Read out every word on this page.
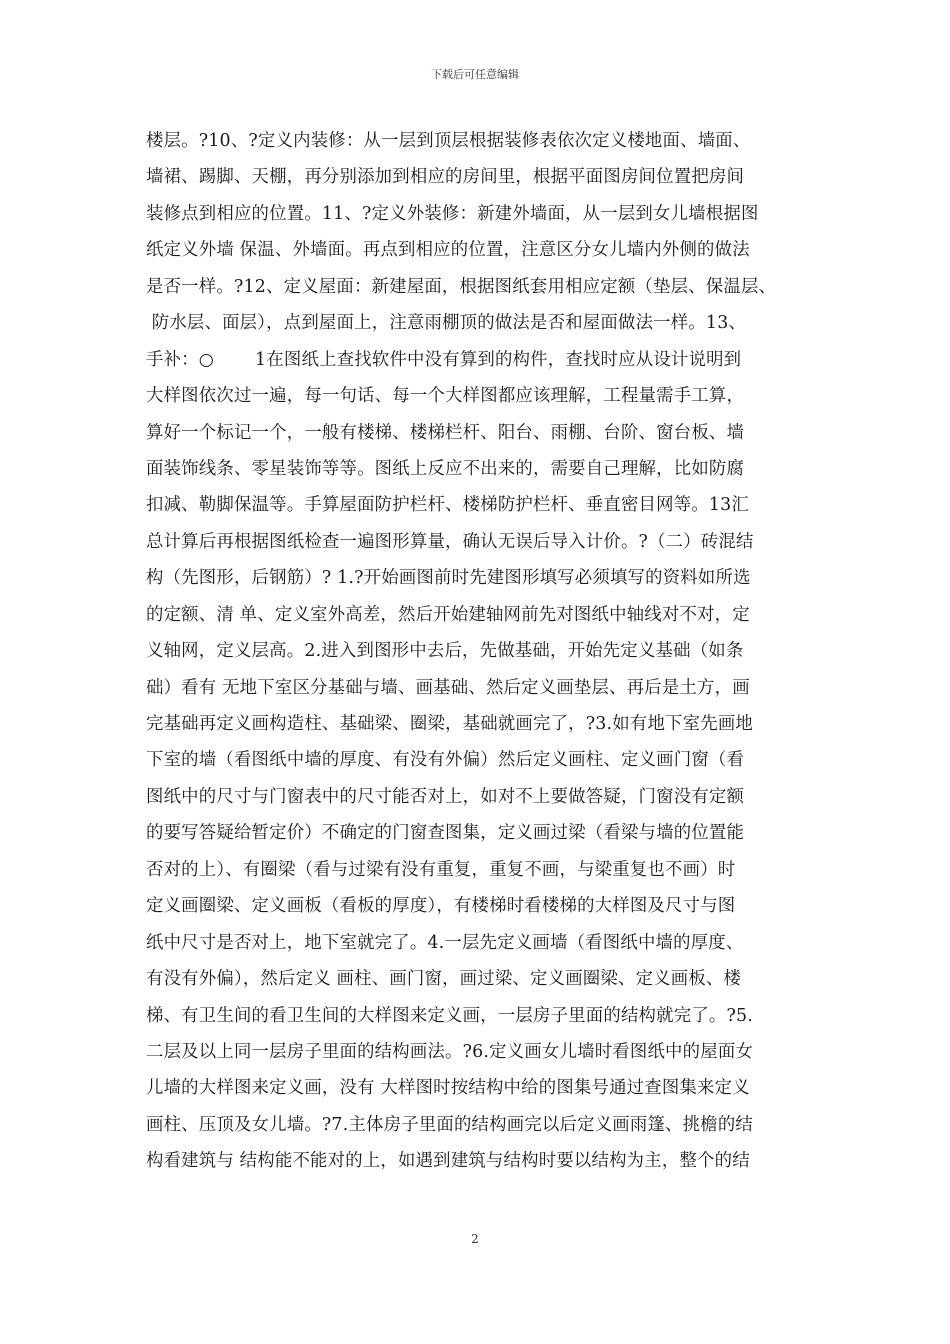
下载后可任意编辑
楼层。?10、?定义内装修：从一层到顶层根据装修表依次定义楼地面、墙面、
墙裙、踢脚、天棚，再分别添加到相应的房间里，根据平面图房间位置把房间
装修点到相应的位置。11、?定义外装修：新建外墙面，从一层到女儿墙根据图
纸定义外墙 保温、外墙面。再点到相应的位置，注意区分女儿墙内外侧的做法
是否一样。?12、定义屋面：新建屋面，根据图纸套用相应定额（垫层、保温层、
防水层、面层），点到屋面上，注意雨棚顶的做法是否和屋面做法一样。13、
手补：○　　 1在图纸上查找软件中没有算到的构件，查找时应从设计说明到
大样图依次过一遍，每一句话、每一个大样图都应该理解，工程量需手工算，
算好一个标记一个，一般有楼梯、楼梯栏杆、阳台、雨棚、台阶、窗台板、墙
面装饰线条、零星装饰等等。图纸上反应不出来的，需要自己理解，比如防腐
扣减、勒脚保温等。手算屋面防护栏杆、楼梯防护栏杆、垂直密目网等。13汇
总计算后再根据图纸检查一遍图形算量，确认无误后导入计价。?（二）砖混结
构（先图形，后钢筋）? 1.?开始画图前时先建图形填写必须填写的资料如所选
的定额、清 单、定义室外高差，然后开始建轴网前先对图纸中轴线对不对，定
义轴网，定义层高。2.进入到图形中去后，先做基础，开始先定义基础（如条
础）看有 无地下室区分基础与墙、画基础、然后定义画垫层、再后是土方，画
完基础再定义画构造柱、基础梁、圈梁，基础就画完了，?3.如有地下室先画地
下室的墙（看图纸中墙的厚度、有没有外偏）然后定义画柱、定义画门窗（看
图纸中的尺寸与门窗表中的尺寸能否对上，如对不上要做答疑，门窗没有定额
的要写答疑给暂定价）不确定的门窗查图集，定义画过梁（看梁与墙的位置能
否对的上）、有圈梁（看与过梁有没有重复，重复不画，与梁重复也不画）时
定义画圈梁、定义画板（看板的厚度），有楼梯时看楼梯的大样图及尺寸与图
纸中尺寸是否对上，地下室就完了。4.一层先定义画墙（看图纸中墙的厚度、
有没有外偏），然后定义 画柱、画门窗，画过梁、定义画圈梁、定义画板、楼
梯、有卫生间的看卫生间的大样图来定义画，一层房子里面的结构就完了。?5.
二层及以上同一层房子里面的结构画法。?6.定义画女儿墙时看图纸中的屋面女
儿墙的大样图来定义画，没有 大样图时按结构中给的图集号通过查图集来定义
画柱、压顶及女儿墙。?7.主体房子里面的结构画完以后定义画雨篷、挑檐的结
构看建筑与 结构能不能对的上，如遇到建筑与结构时要以结构为主，整个的结
2
